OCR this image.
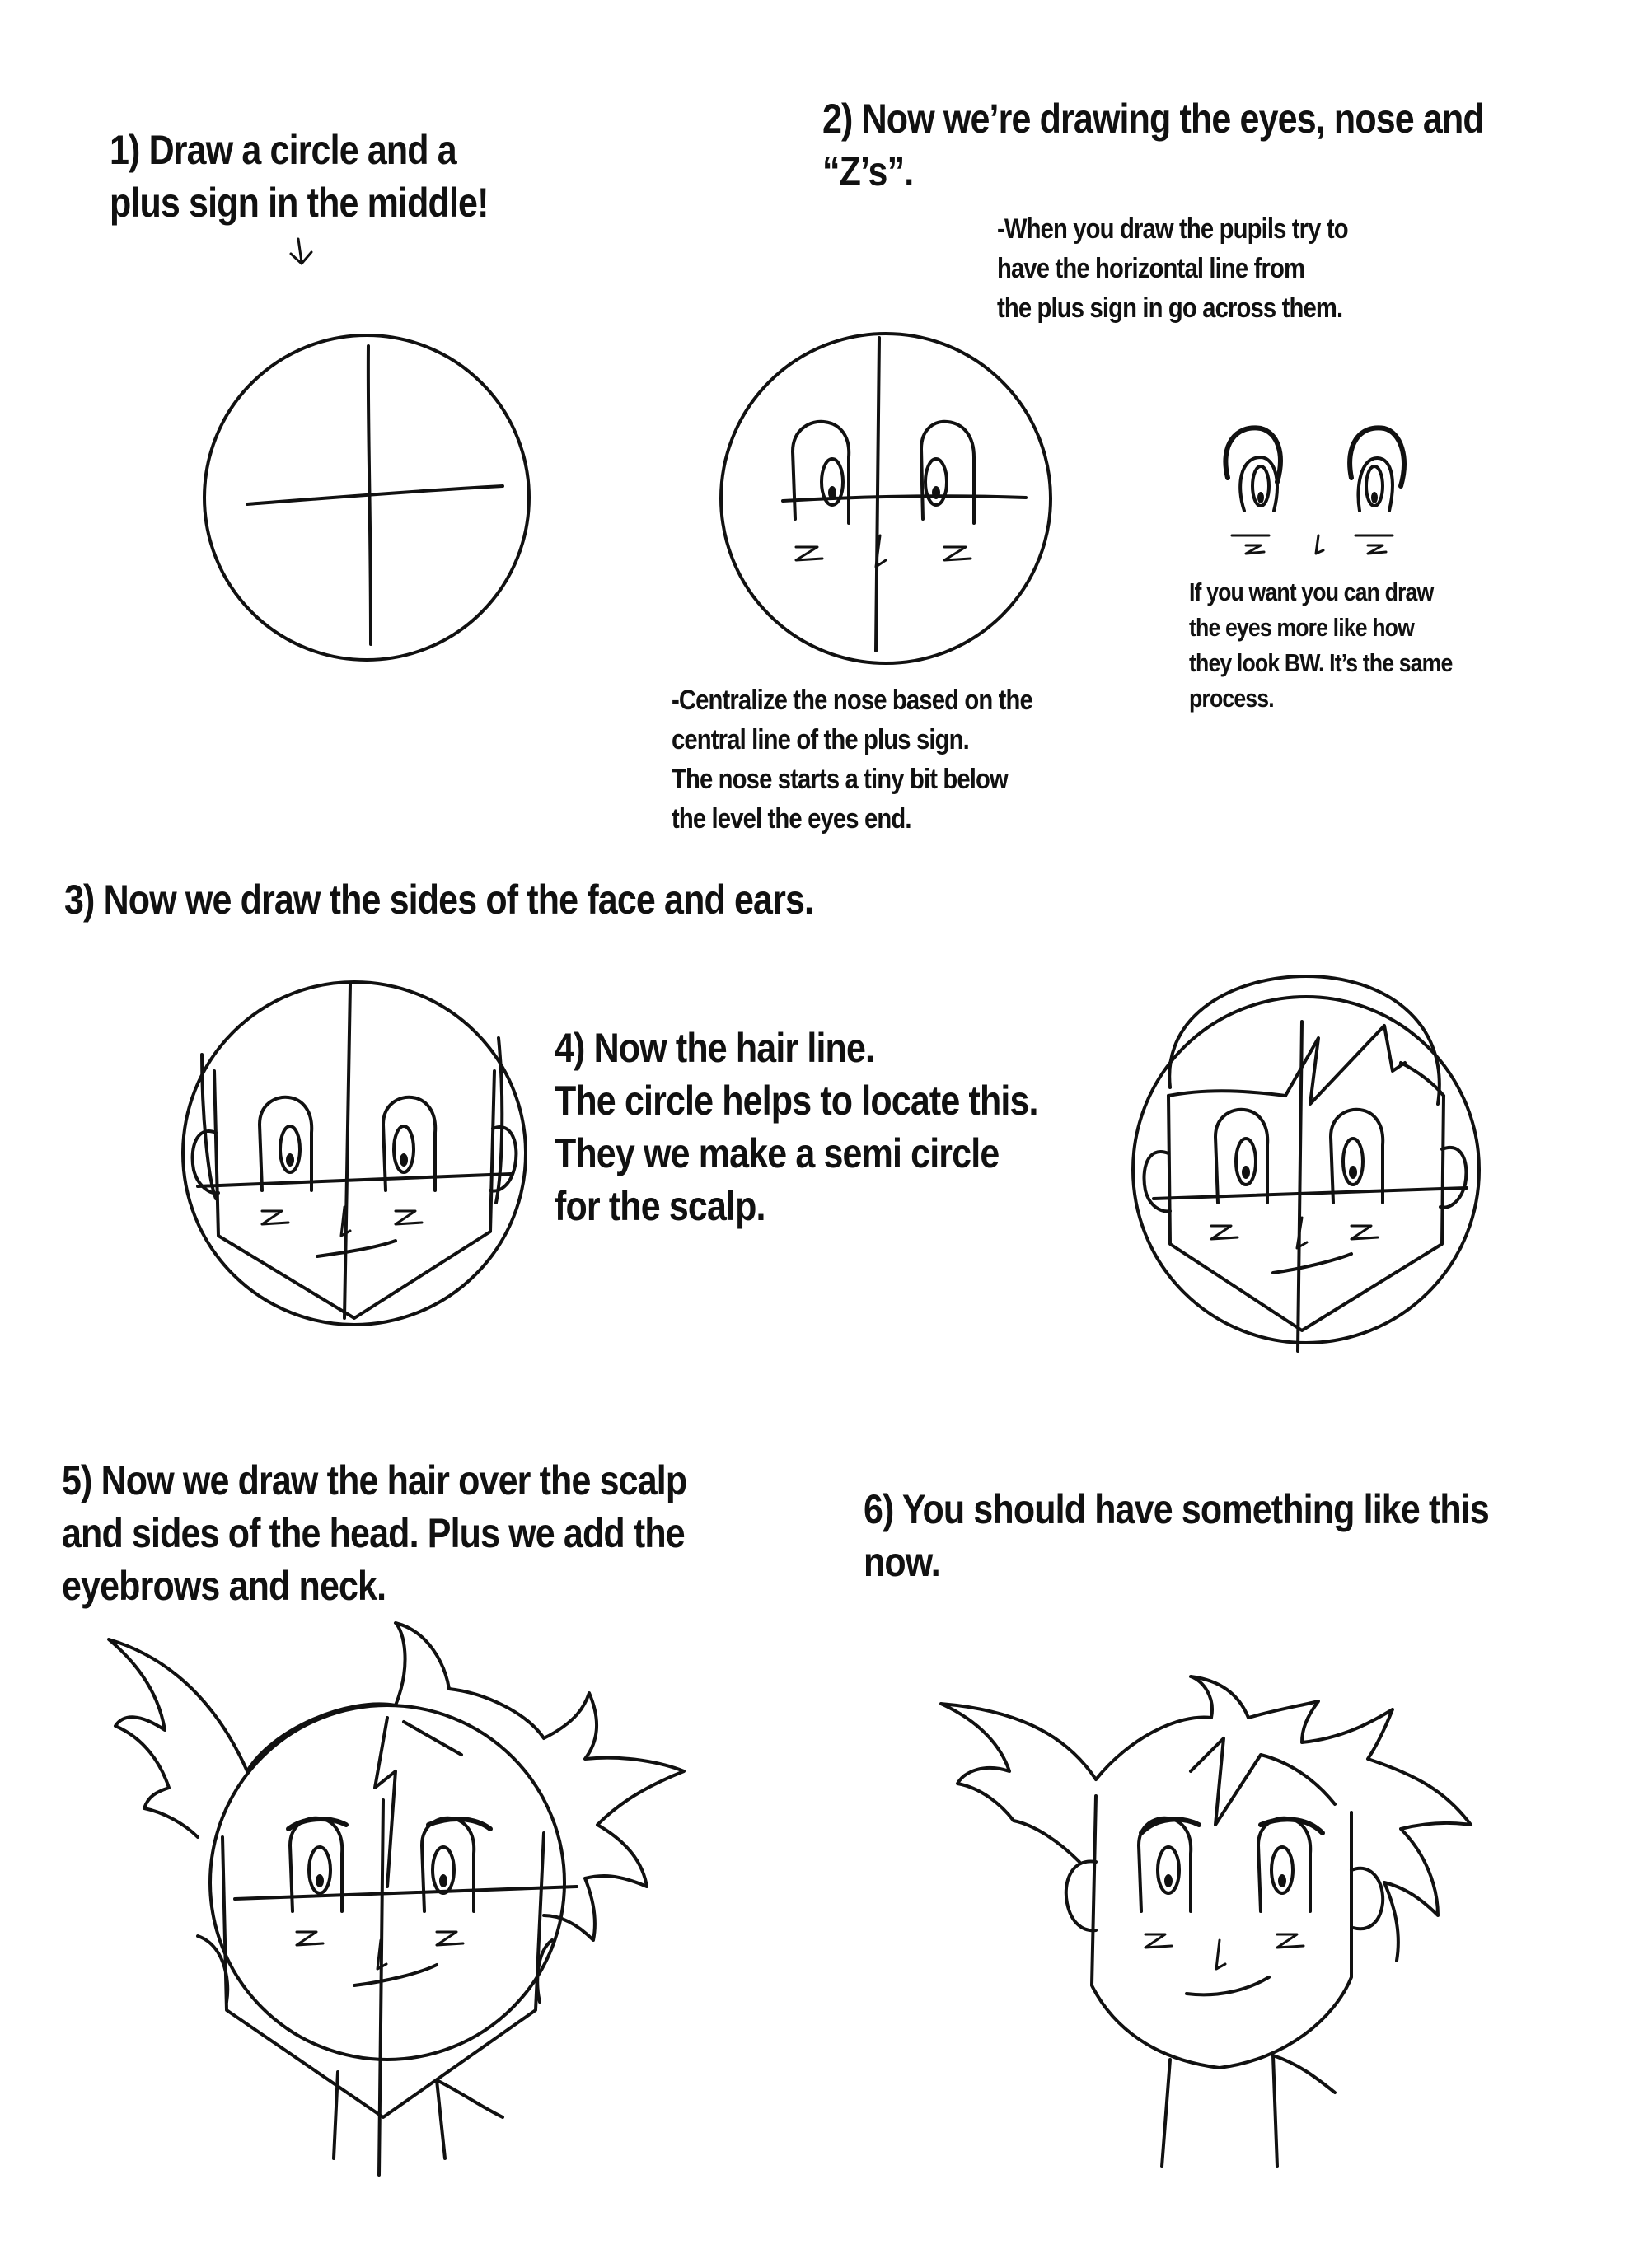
1) Draw a circle and a
plus sign in the middle!
2) Now we’re drawing the eyes, nose and
“Z’s”.
-When you draw the pupils try to
have the horizontal line from
the plus sign in go across them.
-Centralize the nose based on the
central line of the plus sign.
The nose starts a tiny bit below
the level the eyes end.
If you want you can draw
the eyes more like how
they look BW. It’s the same
process.
3) Now we draw the sides of the face and ears.
4) Now the hair line.
The circle helps to locate this.
They we make a semi circle
for the scalp.
5) Now we draw the hair over the scalp
and sides of the head. Plus we add the
eyebrows and neck.
6) You should have something like this
now.
